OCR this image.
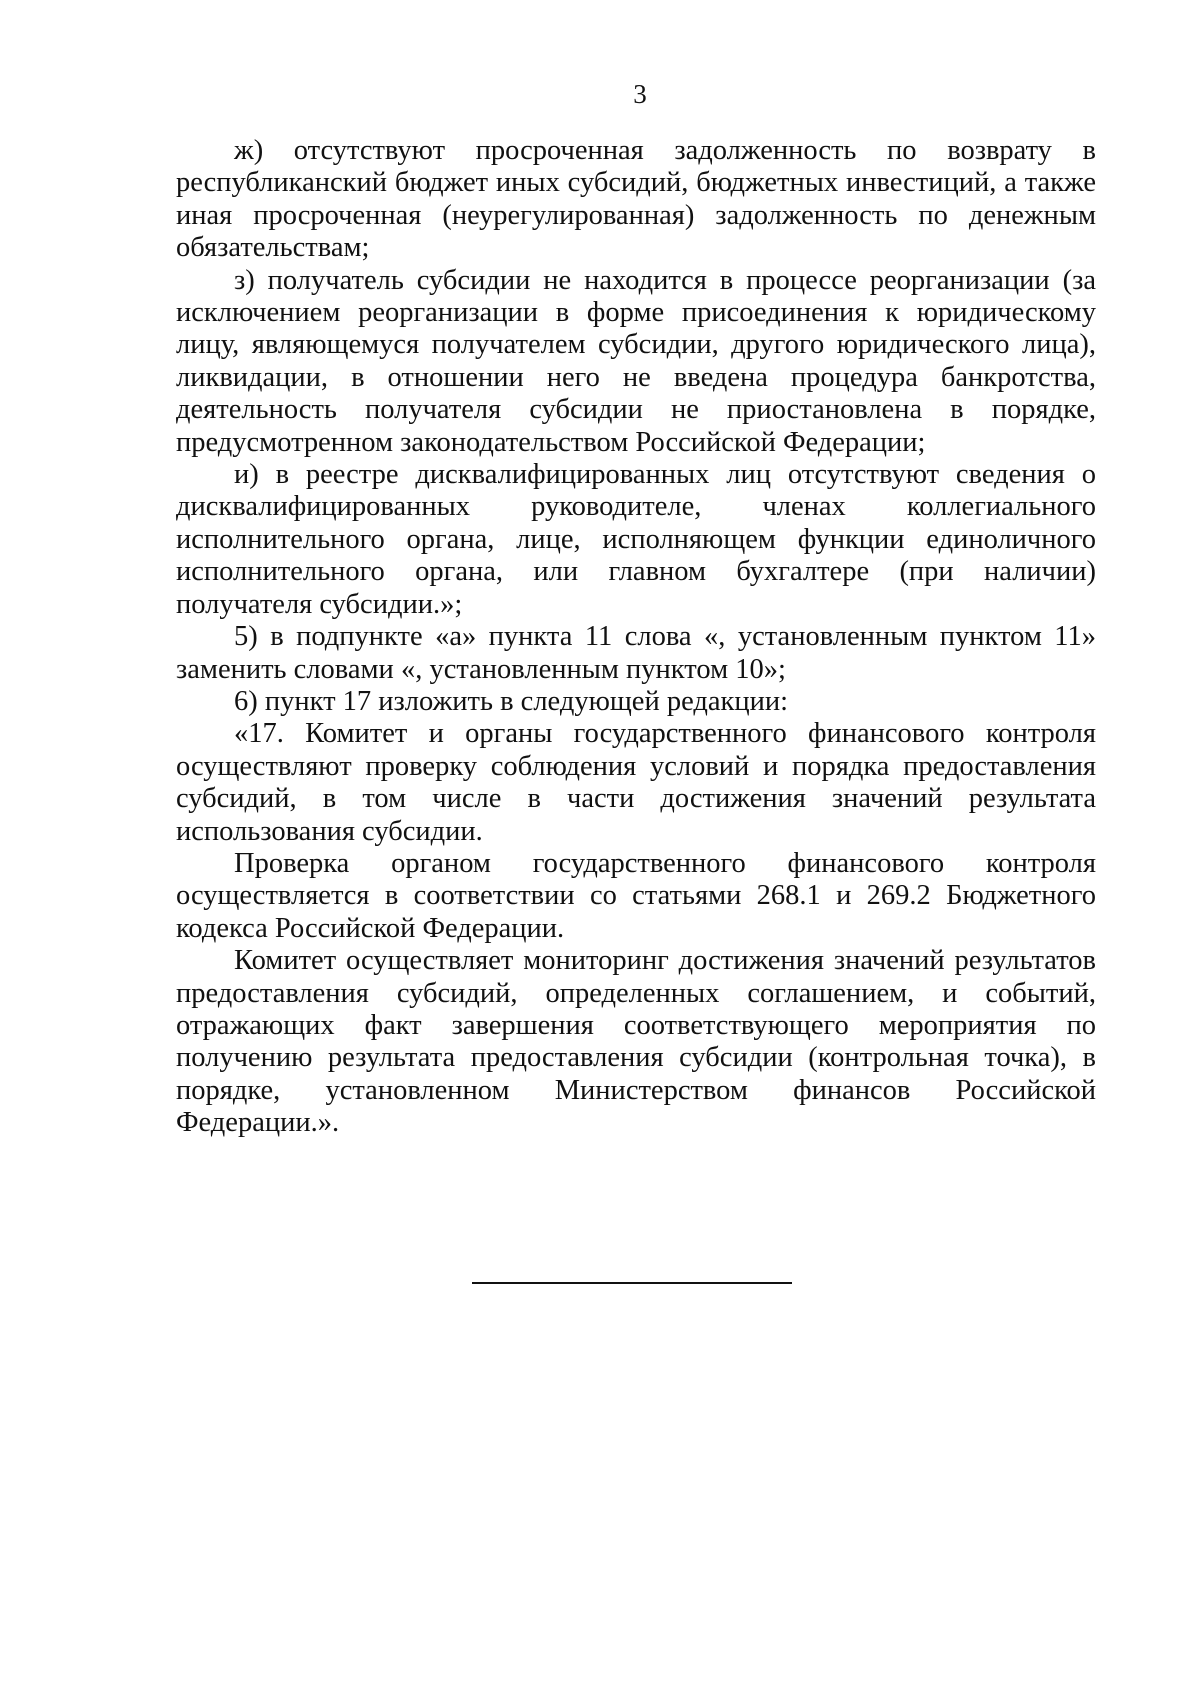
3

ж) отсутствуют просроченная задолженность по возврату в республиканский бюджет иных субсидий, бюджетных инвестиций, а также иная просроченная (неурегулированная) задолженность по денежным обязательствам;

з) получатель субсидии не находится в процессе реорганизации (за исключением реорганизации в форме присоединения к юридическому лицу, являющемуся получателем субсидии, другого юридического лица), ликвидации, в отношении него не введена процедура банкротства, деятельность получателя субсидии не приостановлена в порядке, предусмотренном законодательством Российской Федерации;

и) в реестре дисквалифицированных лиц отсутствуют сведения о дисквалифицированных руководителе, членах коллегиального исполнительного органа, лице, исполняющем функции единоличного исполнительного органа, или главном бухгалтере (при наличии) получателя субсидии.»;

5) в подпункте «а» пункта 11 слова «, установленным пунктом 11» заменить словами «, установленным пунктом 10»;

6) пункт 17 изложить в следующей редакции:

«17. Комитет и органы государственного финансового контроля осуществляют проверку соблюдения условий и порядка предоставления субсидий, в том числе в части достижения значений результата использования субсидии.

Проверка органом государственного финансового контроля осуществляется в соответствии со статьями 268.1 и 269.2 Бюджетного кодекса Российской Федерации.

Комитет осуществляет мониторинг достижения значений результатов предоставления субсидий, определенных соглашением, и событий, отражающих факт завершения соответствующего мероприятия по получению результата предоставления субсидии (контрольная точка), в порядке, установленном Министерством финансов Российской Федерации.».
